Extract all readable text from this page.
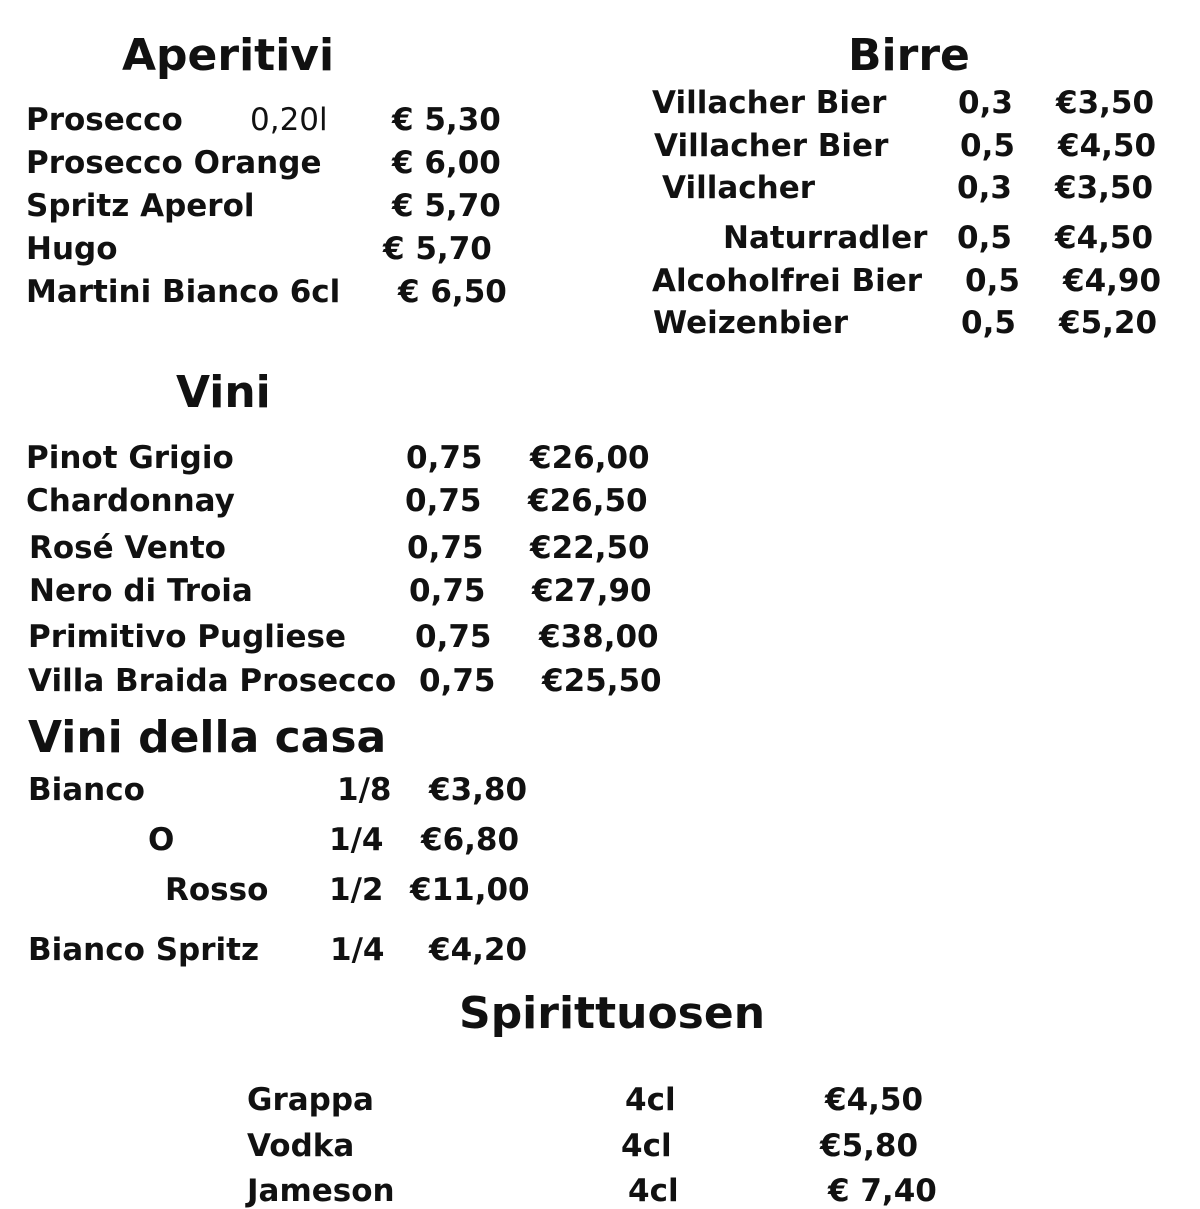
Aperitivi
Prosecco 0,20l € 5,30
Prosecco Orange € 6,00
Spritz Aperol	€ 5,70
Hugo	€ 5,70
Martini Bianco 6cl € 6,50
Birre
Villacher Bier 0,3 €3,50
Villacher Bier 0,5 €4,50
Villacher	0,3 €3,50
Naturradler 0,5 €4,50
Alcoholfrei Bier 0,5 €4,90
Weizenbier	0,5 €5,20
Vini
Pinot Grigio	0,75 €26,00
Chardonnay	0,75 €26,50
Rosé Vento	0,75 €22,50
Nero di Troia	0,75 €27,90
Primitivo Pugliese 0,75 €38,00
Villa Braida Prosecco 0,75 €25,50
Vini della casa
Bianco	1/8 €3,80
O	1/4 €6,80
Rosso 1/2 €11,00
Bianco Spritz 1/4 €4,20
Spirittuosen
Grappa	4cl	€4,50
Vodka	4cl	€5,80
Jameson	4cl	€ 7,40
